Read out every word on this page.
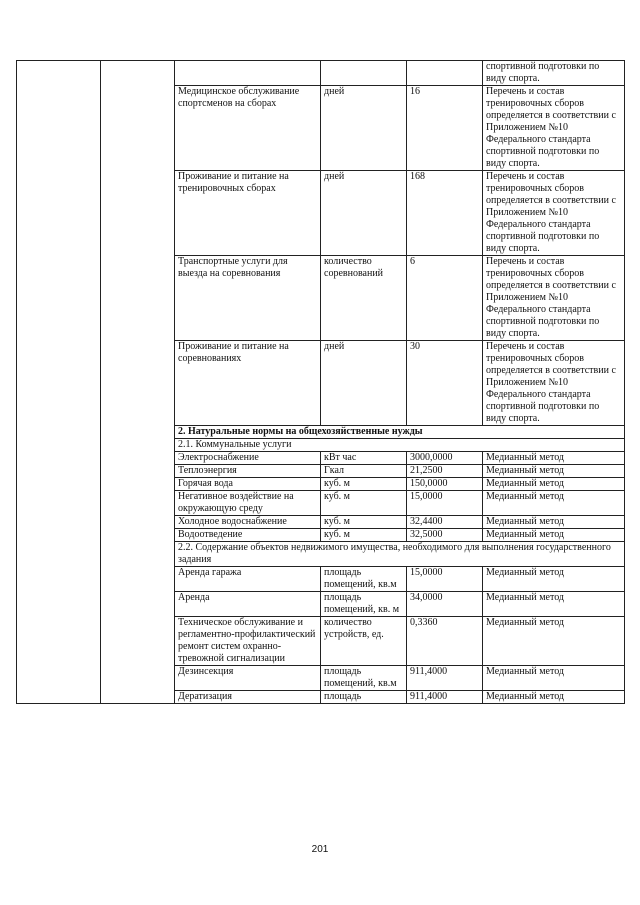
					спортивной подготовки по виду спорта.
		Медицинское обслуживание спортсменов на сборах	дней	16	Перечень и состав тренировочных сборов определяется в соответствии с Приложением №10 Федерального стандарта спортивной подготовки по виду спорта.
		Проживание и питание на тренировочных сборах	дней	168	Перечень и состав тренировочных сборов определяется в соответствии с Приложением №10 Федерального стандарта спортивной подготовки по виду спорта.
		Транспортные услуги для выезда на соревнования	количество соревнований	6	Перечень и состав тренировочных сборов определяется в соответствии с Приложением №10 Федерального стандарта спортивной подготовки по виду спорта.
		Проживание и питание на соревнованиях	дней	30	Перечень и состав тренировочных сборов определяется в соответствии с Приложением №10 Федерального стандарта спортивной подготовки по виду спорта.
		2. Натуральные нормы на общехозяйственные нужды			
		2.1. Коммунальные услуги			
		Электроснабжение	кВт час	3000,0000	Медианный метод
		Теплоэнергия	Гкал	21,2500	Медианный метод
		Горячая вода	куб. м	150,0000	Медианный метод
		Негативное воздействие на окружающую среду	куб. м	15,0000	Медианный метод
		Холодное водоснабжение	куб. м	32,4400	Медианный метод
		Водоотведение	куб. м	32,5000	Медианный метод
		2.2. Содержание объектов недвижимого имущества, необходимого для выполнения государственного задания			
		Аренда гаража	площадь помещений, кв.м	15,0000	Медианный метод
		Аренда	площадь помещений, кв. м	34,0000	Медианный метод
		Техническое обслуживание и регламентно-профилактический ремонт систем охранно-тревожной сигнализации	количество устройств, ед.	0,3360	Медианный метод
		Дезинсекция	площадь помещений, кв.м	911,4000	Медианный метод
		Дератизация	площадь	911,4000	Медианный метод
201
